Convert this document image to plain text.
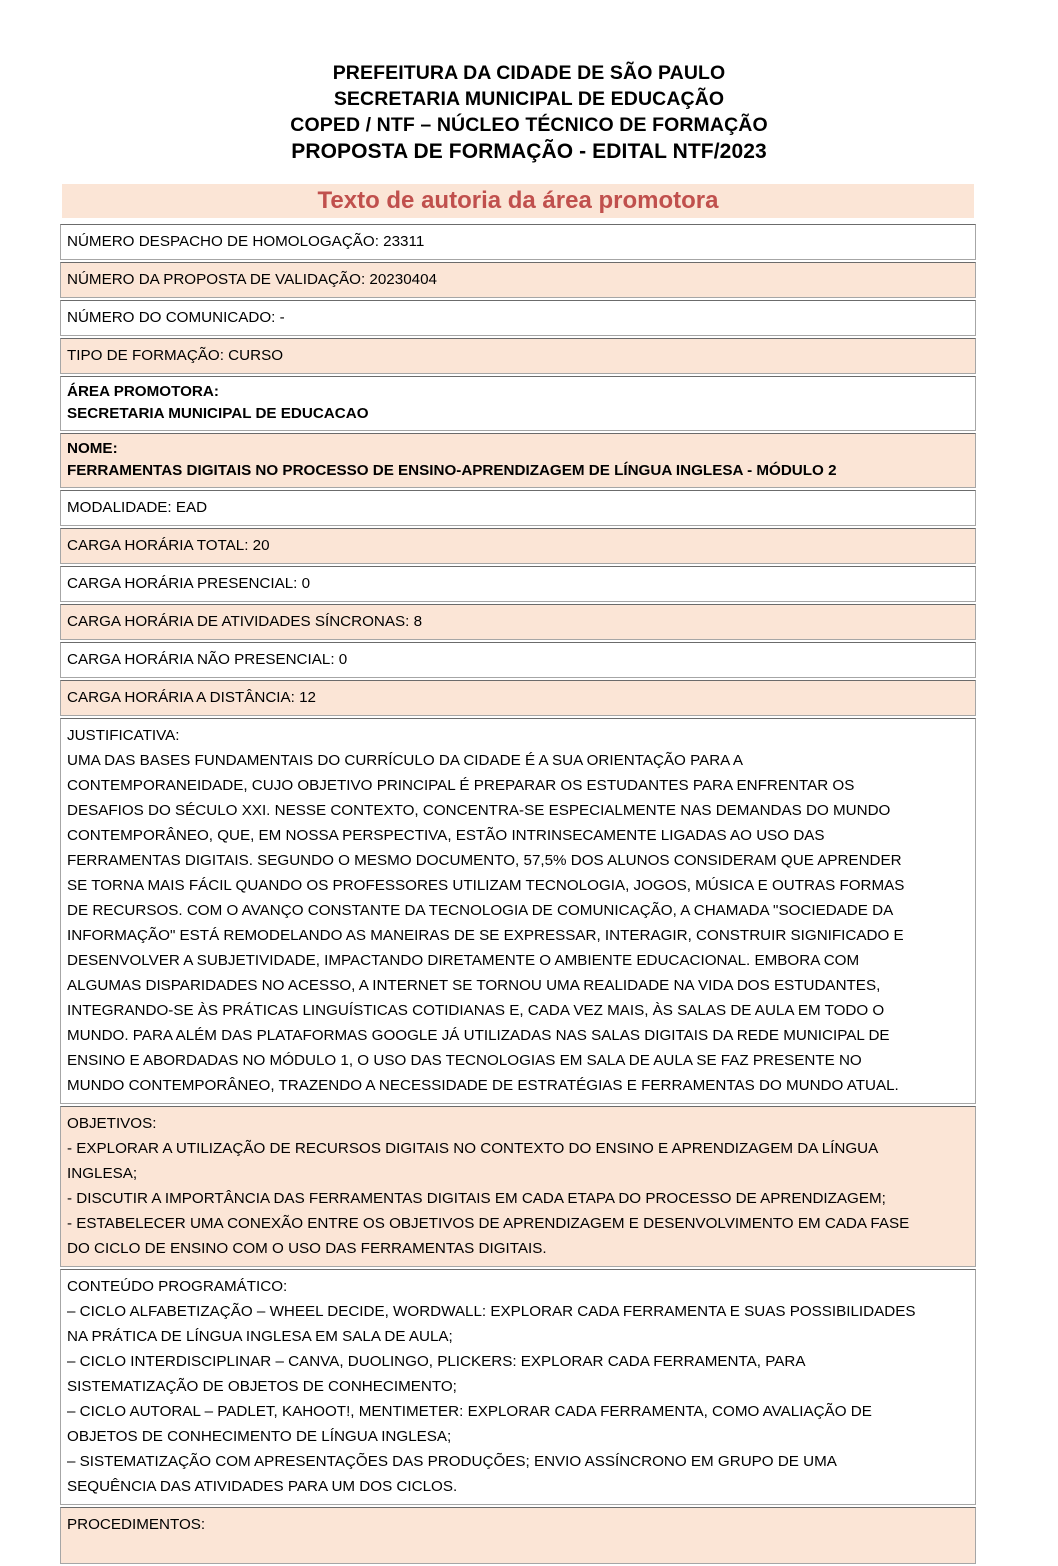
PREFEITURA DA CIDADE DE SÃO PAULO
SECRETARIA MUNICIPAL DE EDUCAÇÃO
COPED / NTF – NÚCLEO TÉCNICO DE FORMAÇÃO
PROPOSTA DE FORMAÇÃO - EDITAL NTF/2023
Texto de autoria da área promotora
NÚMERO DESPACHO DE HOMOLOGAÇÃO: 23311
NÚMERO DA PROPOSTA DE VALIDAÇÃO: 20230404
NÚMERO DO COMUNICADO: -
TIPO DE FORMAÇÃO: CURSO

ÁREA PROMOTORA:
SECRETARIA MUNICIPAL DE EDUCACAO

NOME:
FERRAMENTAS DIGITAIS NO PROCESSO DE ENSINO-APRENDIZAGEM DE LÍNGUA INGLESA - MÓDULO 2

MODALIDADE: EAD
CARGA HORÁRIA TOTAL: 20
CARGA HORÁRIA PRESENCIAL: 0
CARGA HORÁRIA DE ATIVIDADES SÍNCRONAS: 8
CARGA HORÁRIA NÃO PRESENCIAL: 0
CARGA HORÁRIA A DISTÂNCIA: 12

JUSTIFICATIVA:
UMA DAS BASES FUNDAMENTAIS DO CURRÍCULO DA CIDADE É A SUA ORIENTAÇÃO PARA A
CONTEMPORANEIDADE, CUJO OBJETIVO PRINCIPAL É PREPARAR OS ESTUDANTES PARA ENFRENTAR OS
DESAFIOS DO SÉCULO XXI. NESSE CONTEXTO, CONCENTRA-SE ESPECIALMENTE NAS DEMANDAS DO MUNDO
CONTEMPORÂNEO, QUE, EM NOSSA PERSPECTIVA, ESTÃO INTRINSECAMENTE LIGADAS AO USO DAS
FERRAMENTAS DIGITAIS. SEGUNDO O MESMO DOCUMENTO, 57,5% DOS ALUNOS CONSIDERAM QUE APRENDER
SE TORNA MAIS FÁCIL QUANDO OS PROFESSORES UTILIZAM TECNOLOGIA, JOGOS, MÚSICA E OUTRAS FORMAS
DE RECURSOS. COM O AVANÇO CONSTANTE DA TECNOLOGIA DE COMUNICAÇÃO, A CHAMADA "SOCIEDADE DA
INFORMAÇÃO" ESTÁ REMODELANDO AS MANEIRAS DE SE EXPRESSAR, INTERAGIR, CONSTRUIR SIGNIFICADO E
DESENVOLVER A SUBJETIVIDADE, IMPACTANDO DIRETAMENTE O AMBIENTE EDUCACIONAL. EMBORA COM
ALGUMAS DISPARIDADES NO ACESSO, A INTERNET SE TORNOU UMA REALIDADE NA VIDA DOS ESTUDANTES,
INTEGRANDO-SE ÀS PRÁTICAS LINGUÍSTICAS COTIDIANAS E, CADA VEZ MAIS, ÀS SALAS DE AULA EM TODO O
MUNDO. PARA ALÉM DAS PLATAFORMAS GOOGLE JÁ UTILIZADAS NAS SALAS DIGITAIS DA REDE MUNICIPAL DE
ENSINO E ABORDADAS NO MÓDULO 1, O USO DAS TECNOLOGIAS EM SALA DE AULA SE FAZ PRESENTE NO
MUNDO CONTEMPORÂNEO, TRAZENDO A NECESSIDADE DE ESTRATÉGIAS E FERRAMENTAS DO MUNDO ATUAL.

OBJETIVOS:
- EXPLORAR A UTILIZAÇÃO DE RECURSOS DIGITAIS NO CONTEXTO DO ENSINO E APRENDIZAGEM DA LÍNGUA
INGLESA;
- DISCUTIR A IMPORTÂNCIA DAS FERRAMENTAS DIGITAIS EM CADA ETAPA DO PROCESSO DE APRENDIZAGEM;
- ESTABELECER UMA CONEXÃO ENTRE OS OBJETIVOS DE APRENDIZAGEM E DESENVOLVIMENTO EM CADA FASE
DO CICLO DE ENSINO COM O USO DAS FERRAMENTAS DIGITAIS.

CONTEÚDO PROGRAMÁTICO:
– CICLO ALFABETIZAÇÃO – WHEEL DECIDE, WORDWALL: EXPLORAR CADA FERRAMENTA E SUAS POSSIBILIDADES
NA PRÁTICA DE LÍNGUA INGLESA EM SALA DE AULA;
– CICLO INTERDISCIPLINAR – CANVA, DUOLINGO, PLICKERS: EXPLORAR CADA FERRAMENTA, PARA
SISTEMATIZAÇÃO DE OBJETOS DE CONHECIMENTO;
– CICLO AUTORAL – PADLET, KAHOOT!, MENTIMETER: EXPLORAR CADA FERRAMENTA, COMO AVALIAÇÃO DE
OBJETOS DE CONHECIMENTO DE LÍNGUA INGLESA;
– SISTEMATIZAÇÃO COM APRESENTAÇÕES DAS PRODUÇÕES; ENVIO ASSÍNCRONO EM GRUPO DE UMA
SEQUÊNCIA DAS ATIVIDADES PARA UM DOS CICLOS.

PROCEDIMENTOS:
